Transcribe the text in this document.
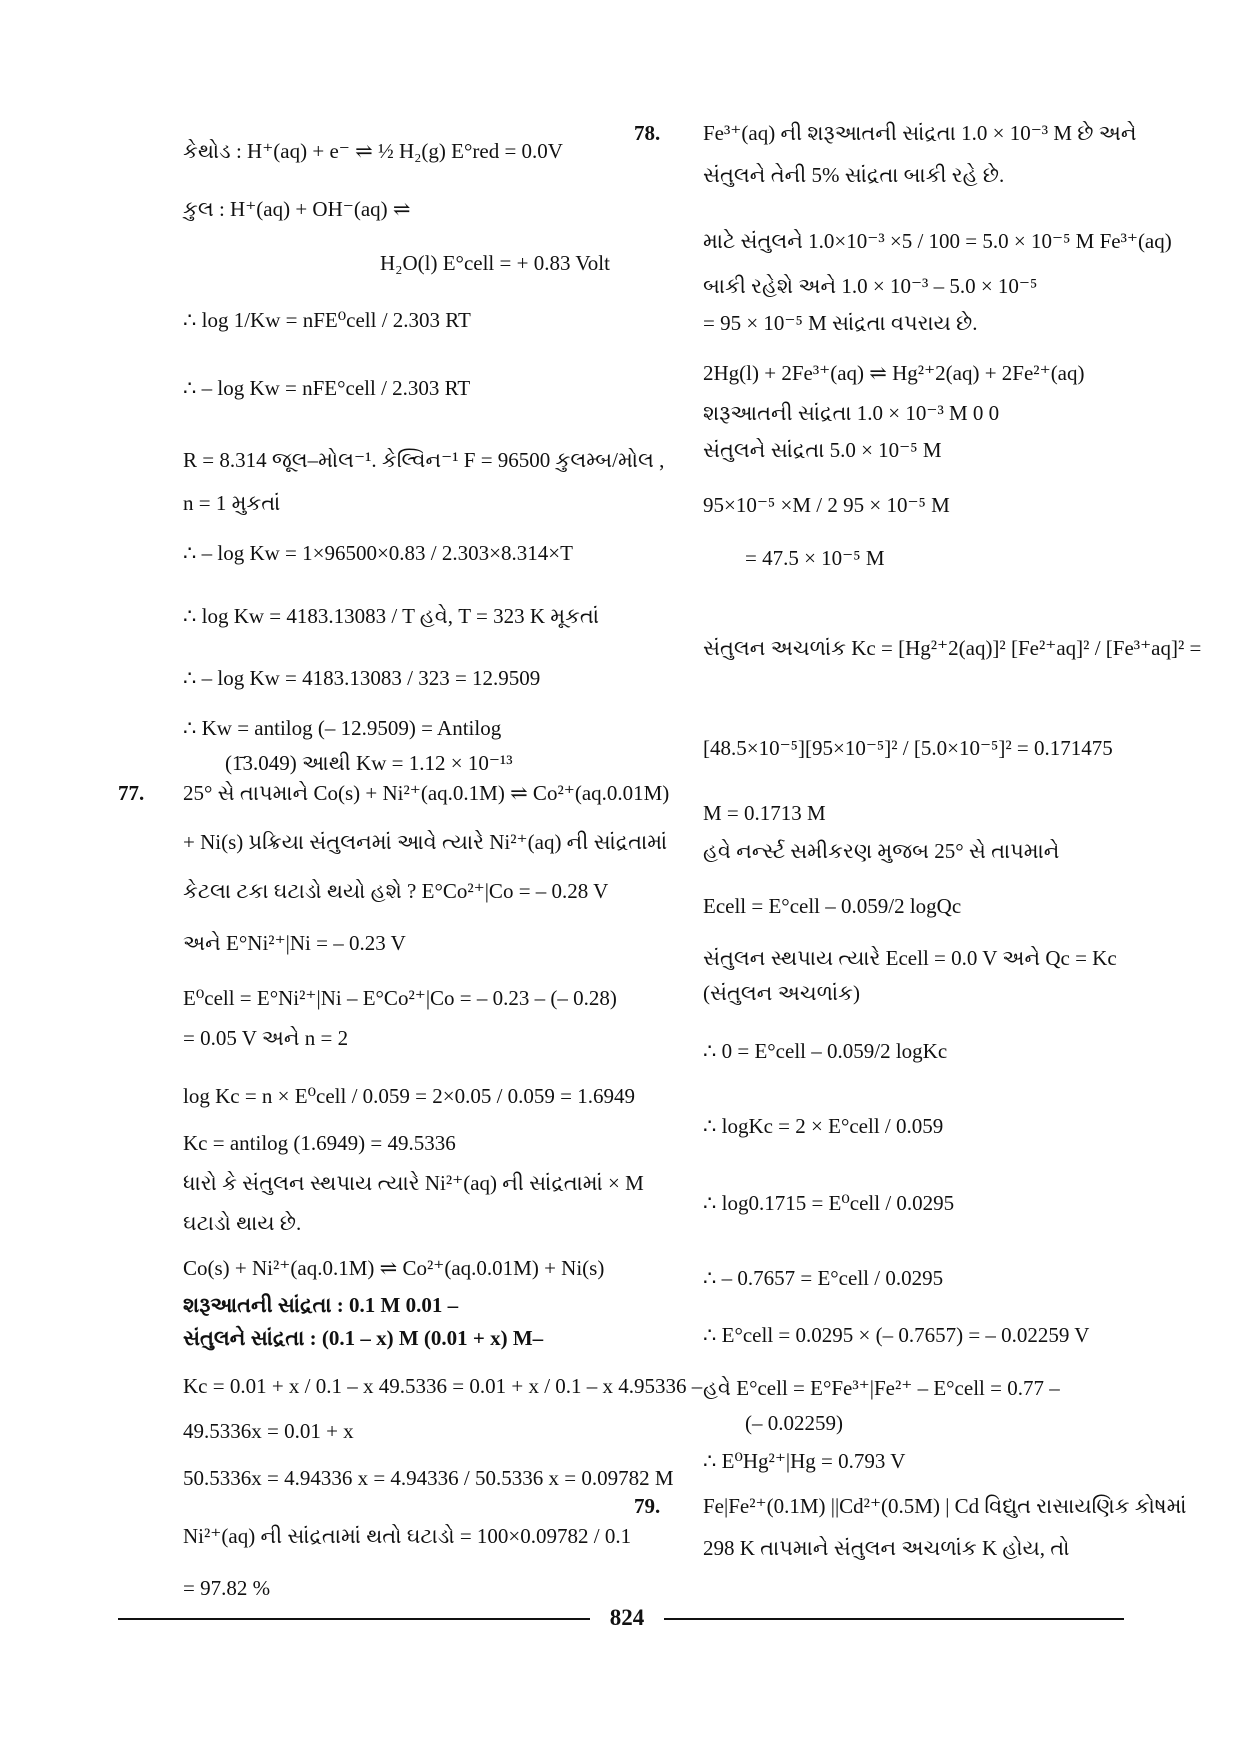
77.
78.
79.
824
કેથોડ : H⁺(aq) + e⁻ ⇌ ½ H₂(g) E°red = 0.0V
કુલ : H⁺(aq) + OH⁻(aq) ⇌
H₂O(l) E°cell = + 0.83 Volt
∴ log 1/Kw = nFE⁰cell / 2.303 RT
∴ – log Kw = nFE°cell / 2.303 RT
R = 8.314 જૂલ–મોલ⁻¹. કેલ્વિન⁻¹ F = 96500 કુલમ્બ/મોલ ,
n = 1 મુકતાં
∴ – log Kw = 1×96500×0.83 / 2.303×8.314×T
∴ log Kw = 4183.13083 / T હવે, T = 323 K મૂકતાં
∴ – log Kw = 4183.13083 / 323 = 12.9509
∴ Kw = antilog (– 12.9509) = Antilog
(1̄3.049) આથી Kw = 1.12 × 10⁻¹³
25° સે તાપમાને Co(s) + Ni²⁺(aq.0.1M) ⇌ Co²⁺(aq.0.01M)
+ Ni(s) પ્રક્રિયા સંતુલનમાં આવે ત્યારે Ni²⁺(aq) ની સાંદ્રતામાં
કેટલા ટકા ઘટાડો થયો હશે ? E°Co²⁺|Co = – 0.28 V
અને E°Ni²⁺|Ni = – 0.23 V
E⁰cell = E°Ni²⁺|Ni – E°Co²⁺|Co = – 0.23 – (– 0.28)
= 0.05 V અને n = 2
log Kc = n × E⁰cell / 0.059 = 2×0.05 / 0.059 = 1.6949
Kc = antilog (1.6949) = 49.5336
ધારો કે સંતુલન સ્થપાય ત્યારે Ni²⁺(aq) ની સાંદ્રતામાં × M
ઘટાડો થાય છે.
Co(s) + Ni²⁺(aq.0.1M) ⇌ Co²⁺(aq.0.01M) + Ni(s)
શરૂઆતની સાંદ્રતા : 0.1 M 0.01 –
સંતુલને સાંદ્રતા : (0.1 – x) M (0.01 + x) M–
Kc = 0.01 + x / 0.1 – x 49.5336 = 0.01 + x / 0.1 – x 4.95336 –
49.5336x = 0.01 + x
50.5336x = 4.94336 x = 4.94336 / 50.5336 x = 0.09782 M
Ni²⁺(aq) ની સાંદ્રતામાં થતો ઘટાડો = 100×0.09782 / 0.1
= 97.82 %
Fe³⁺(aq) ની શરૂઆતની સાંદ્રતા 1.0 × 10⁻³ M છે અને
સંતુલને તેની 5% સાંદ્રતા બાકી રહે છે.
માટે સંતુલને 1.0×10⁻³ ×5 / 100 = 5.0 × 10⁻⁵ M Fe³⁺(aq)
બાકી રહેશે અને 1.0 × 10⁻³ – 5.0 × 10⁻⁵
= 95 × 10⁻⁵ M સાંદ્રતા વપરાય છે.
2Hg(l) + 2Fe³⁺(aq) ⇌ Hg²⁺2(aq) + 2Fe²⁺(aq)
શરૂઆતની સાંદ્રતા 1.0 × 10⁻³ M 0 0
સંતુલને સાંદ્રતા 5.0 × 10⁻⁵ M
95×10⁻⁵ ×M / 2 95 × 10⁻⁵ M
= 47.5 × 10⁻⁵ M
સંતુલન અચળાંક Kc = [Hg²⁺2(aq)]² [Fe²⁺aq]² / [Fe³⁺aq]² =
[48.5×10⁻⁵][95×10⁻⁵]² / [5.0×10⁻⁵]² = 0.171475
M = 0.1713 M
હવે નર્ન્સ્ટ સમીકરણ મુજબ 25° સે તાપમાને
Ecell = E°cell – 0.059/2 logQc
સંતુલન સ્થપાય ત્યારે Ecell = 0.0 V અને Qc = Kc
(સંતુલન અચળાંક)
∴ 0 = E°cell – 0.059/2 logKc
∴ logKc = 2 × E°cell / 0.059
∴ log0.1715 = E⁰cell / 0.0295
∴ – 0.7657 = E°cell / 0.0295
∴ E°cell = 0.0295 × (– 0.7657) = – 0.02259 V
હવે E°cell = E°Fe³⁺|Fe²⁺ – E°cell = 0.77 –
(– 0.02259)
∴ E⁰Hg²⁺|Hg = 0.793 V
Fe|Fe²⁺(0.1M) ||Cd²⁺(0.5M) | Cd વિદ્યુત રાસાયણિક કોષમાં
298 K તાપમાને સંતુલન અચળાંક K હોય, તો
